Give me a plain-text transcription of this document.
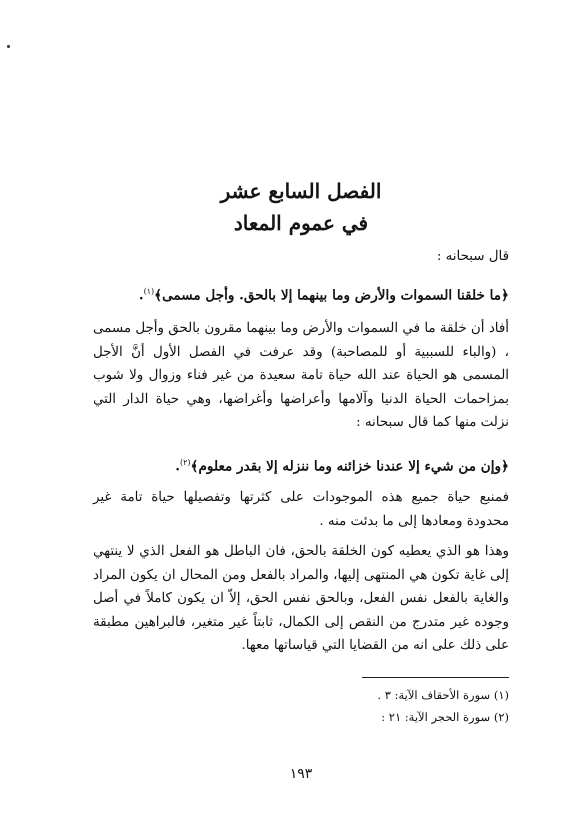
الفصل السابع عشر
في عموم المعاد
قال سبحانه :
﴿ما خلقنا السموات والأرض وما بينهما إلا بالحق. وأجل مسمى﴾$^{(١)}$.
أفاد أن خلقة ما في السموات والأرض وما بينهما مقرون بالحق وأجل مسمى ، (والباء للسببية أو للمصاحبة) وقد عرفت في الفصل الأول أنَّ الأجل المسمى هو الحياة عند الله حياة تامة سعيدة من غير فناء وزوال ولا شوب بمزاحمات الحياة الدنيا وآلامها وأعراضها وأغراضها، وهي حياة الدار التي نزلت منها كما قال سبحانه :
﴿وإن من شيء إلا عندنا خزائنه وما ننزله إلا بقدر معلوم﴾$^{(٢)}$.
فمنبع حياة جميع هذه الموجودات على كثرتها وتفصيلها حياة تامة غير محدودة ومعادها إلى ما بدئت منه .
وهذا هو الذي يعطيه كون الخلقة بالحق، فان الباطل هو الفعل الذي لا ينتهي إلى غاية تكون هي المنتهى إليها، والمراد بالفعل ومن المحال ان يكون المراد والغاية بالفعل نفس الفعل، وبالحق نفس الحق، إلاّ ان يكون كاملاً في أصل وجوده غير متدرج من النقص إلى الكمال، ثابتاً غير متغير، فالبراهين مطبقة على ذلك على انه من القضايا التي قياساتها معها.
(١) سورة الأحقاف الآية: ٣ .
(٢) سورة الحجر الآية: ٢١ :
١٩٣
